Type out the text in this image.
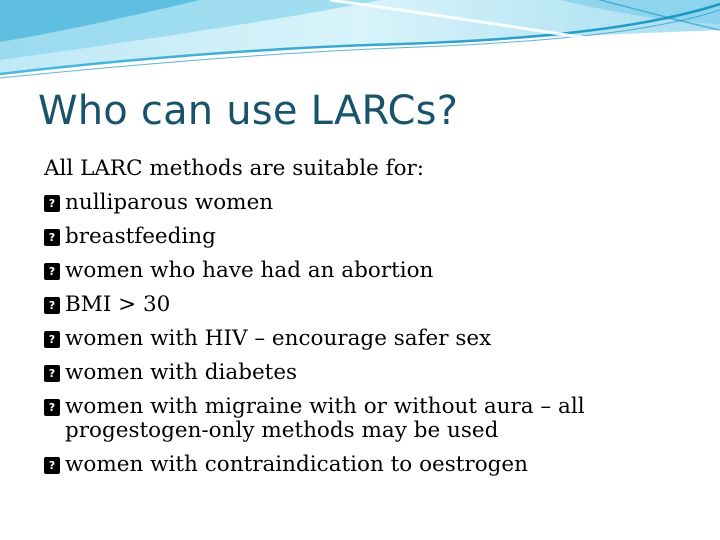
Who can use LARCs?

All LARC methods are suitable for:

? nulliparous women
? breastfeeding
? women who have had an abortion
? BMI > 30
? women with HIV – encourage safer sex
? women with diabetes
? women with migraine with or without aura – all progestogen-only methods may be used
? women with contraindication to oestrogen
